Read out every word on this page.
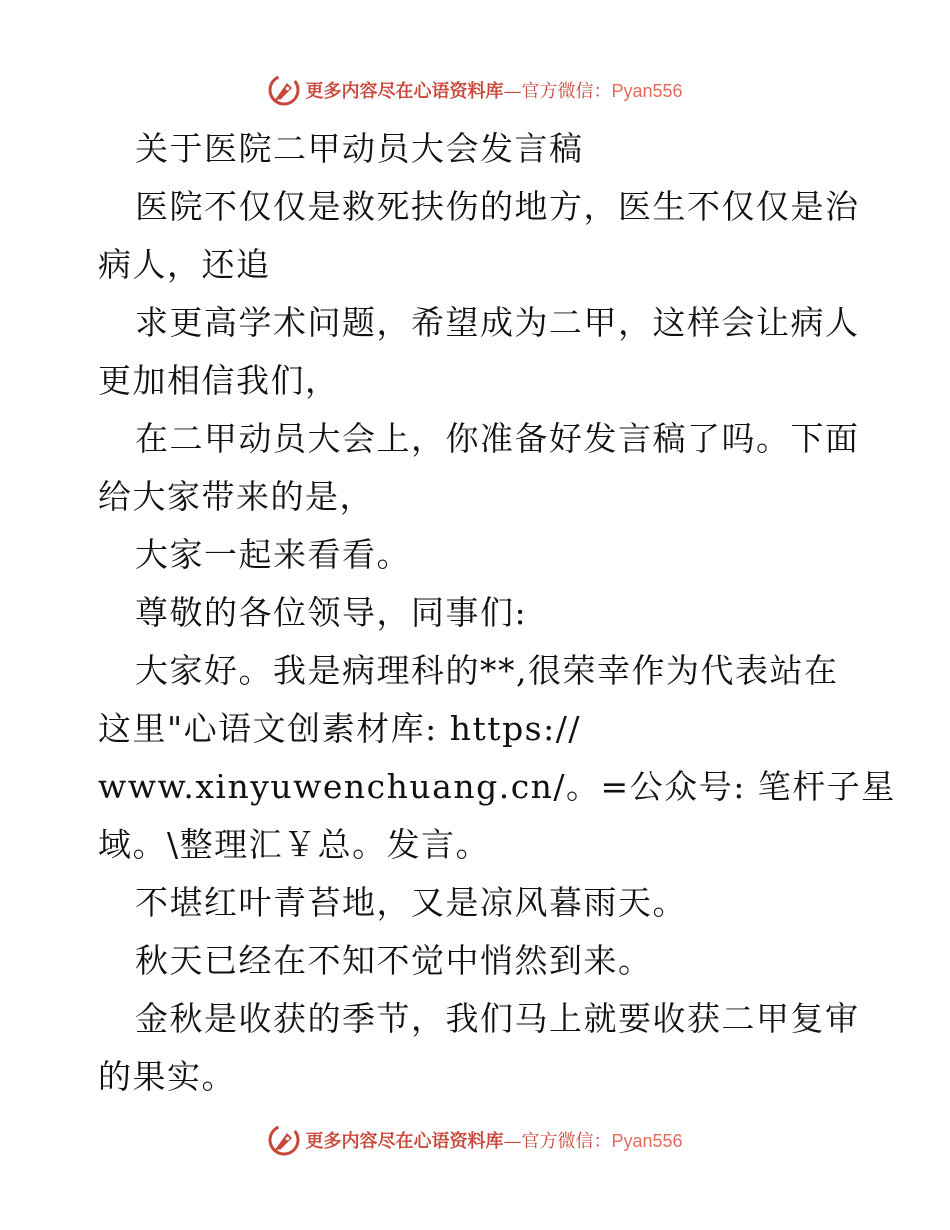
更多内容尽在心语资料库—官方微信：Pyan556
关于医院二甲动员大会发言稿
医院不仅仅是救死扶伤的地方，医生不仅仅是治
病人，还追
求更高学术问题，希望成为二甲，这样会让病人
更加相信我们，
在二甲动员大会上，你准备好发言稿了吗。下面
给大家带来的是，
大家一起来看看。
尊敬的各位领导，同事们:
大家好。我是病理科的**,很荣幸作为代表站在
这里"心语文创素材库: https://
www.xinyuwenchuang.cn/。=公众号: 笔杆子星
域。\整理汇￥总。发言。
不堪红叶青苔地，又是凉风暮雨天。
秋天已经在不知不觉中悄然到来。
金秋是收获的季节，我们马上就要收获二甲复审
的果实。
更多内容尽在心语资料库—官方微信：Pyan556
